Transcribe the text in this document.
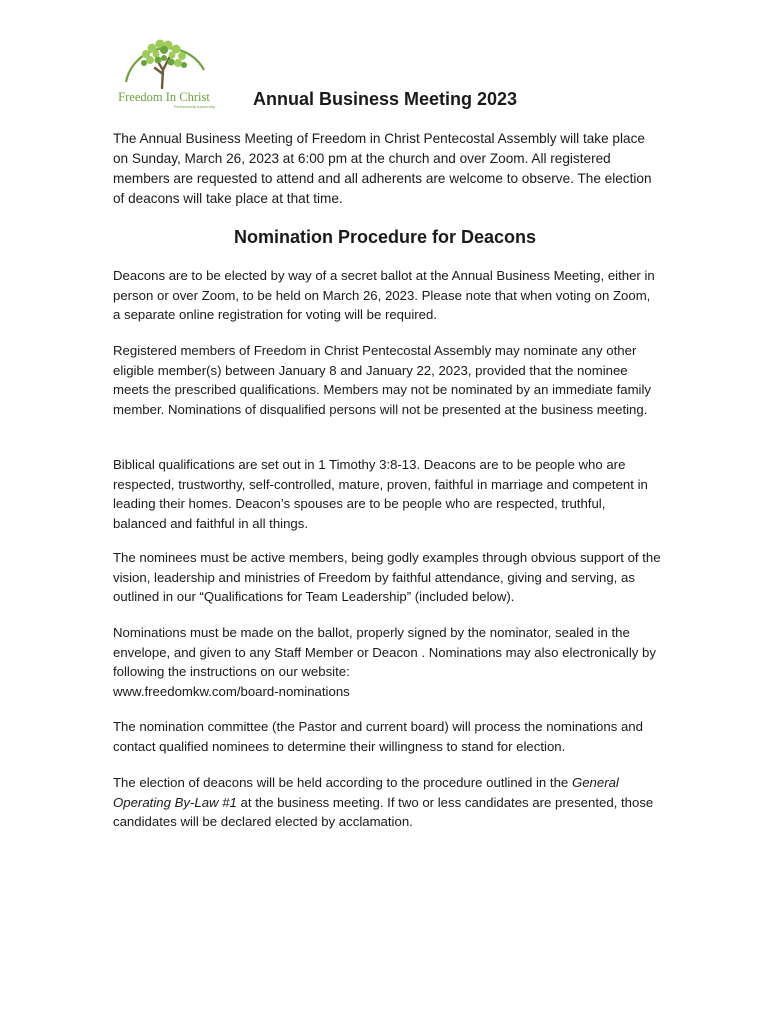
Freedom In Christ
Pentecostal Assembly	Annual Business Meeting 2023

The Annual Business Meeting of Freedom in Christ Pentecostal Assembly will take place on Sunday, March 26, 2023 at 6:00 pm at the church and over Zoom. All registered members are requested to attend and all adherents are welcome to observe. The election of deacons will take place at that time.

Nomination Procedure for Deacons

Deacons are to be elected by way of a secret ballot at the Annual Business Meeting, either in person or over Zoom, to be held on March 26, 2023. Please note that when voting on Zoom, a separate online registration for voting will be required.

Registered members of Freedom in Christ Pentecostal Assembly may nominate any other eligible member(s) between January 8 and January 22, 2023, provided that the nominee meets the prescribed qualifications. Members may not be nominated by an immediate family member. Nominations of disqualified persons will not be presented at the business meeting.

Biblical qualifications are set out in 1 Timothy 3:8-13. Deacons are to be people who are respected, trustworthy, self-controlled, mature, proven, faithful in marriage and competent in leading their homes. Deacon’s spouses are to be people who are respected, truthful, balanced and faithful in all things.

The nominees must be active members, being godly examples through obvious support of the vision, leadership and ministries of Freedom by faithful attendance, giving and serving, as outlined in our “Qualifications for Team Leadership” (included below).

Nominations must be made on the ballot, properly signed by the nominator, sealed in the envelope, and given to any Staff Member or Deacon . Nominations may also electronically by following the instructions on our website:
www.freedomkw.com/board-nominations

The nomination committee (the Pastor and current board) will process the nominations and contact qualified nominees to determine their willingness to stand for election.

The election of deacons will be held according to the procedure outlined in the General Operating By-Law #1 at the business meeting. If two or less candidates are presented, those candidates will be declared elected by acclamation.
